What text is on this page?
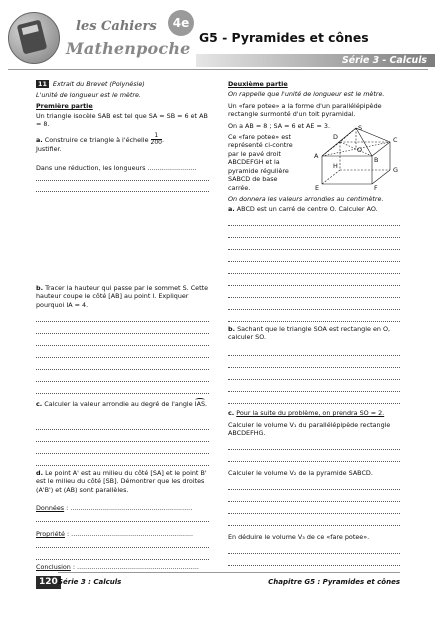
les Cahiers
Mathenpoche
4e
G5 - Pyramides et cônes
Série 3 - Calculs
11 Extrait du Brevet (Polynésie)
L'unité de longueur est le mètre.
Première partie
Un triangle isocèle SAB est tel que SA = SB = 6 et AB = 8.
a. Construire ce triangle à l'échelle $\frac{1}{200}$ .
Justifier.
Dans une réduction, les longueurs ........................
b. Tracer la hauteur qui passe par le sommet S. Cette hauteur coupe le côté [AB] au point I. Expliquer pourquoi IA = 4.
c. Calculer la valeur arrondie au degré de l'angle IAS.
d. Le point A' est au milieu du côté [SA] et le point B' est le milieu du côté [SB]. Démontrer que les droites (A'B') et (AB) sont parallèles.
Données : ............................................................
Propriété : ............................................................
Conclusion : ............................................................
Deuxième partie
On rappelle que l'unité de longueur est le mètre.
Un «fare potee» a la forme d'un parallélépipède rectangle surmonté d'un toit pyramidal.
On a AB = 8 ; SA = 6 et AE = 3.
Ce «fare potee» est représenté ci-contre par le pavé droit ABCDEFGH et la pyramide régulière SABCD de base carrée.
S
D	C
O
A	B
H	G
E	F
On donnera les valeurs arrondies au centimètre.
a. ABCD est un carré de centre O. Calculer AO.
b. Sachant que le triangle SOA est rectangle en O, calculer SO.
c. Pour la suite du problème, on prendra SO = 2.
Calculer le volume V₁ du parallélépipède rectangle ABCDEFHG.
Calculer le volume V₂ de la pyramide SABCD.
En déduire le volume V₃ de ce «fare potee».
120 Série 3 : Calculs	Chapitre G5 : Pyramides et cônes
